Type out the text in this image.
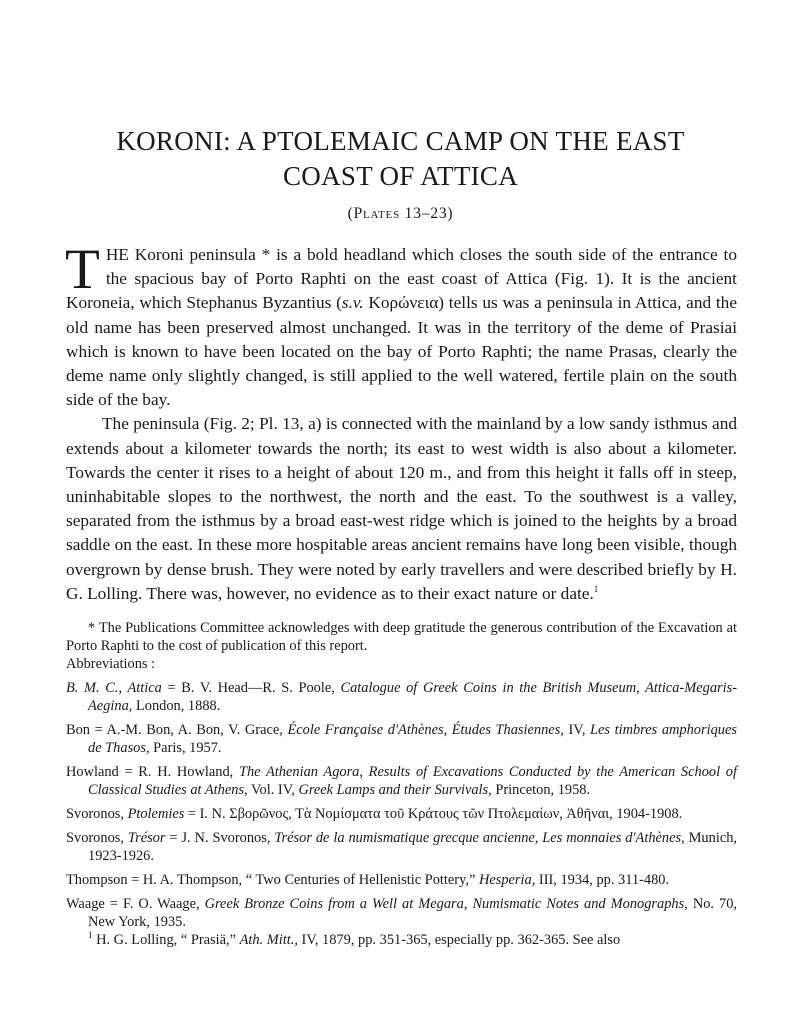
KORONI: A PTOLEMAIC CAMP ON THE EAST
COAST OF ATTICA
(Plates 13–23)

THE Koroni peninsula * is a bold headland which closes the south side of the entrance to the spacious bay of Porto Raphti on the east coast of Attica (Fig. 1). It is the ancient Koroneia, which Stephanus Byzantius (s.v. Κορώνεια) tells us was a peninsula in Attica, and the old name has been preserved almost unchanged. It was in the territory of the deme of Prasiai which is known to have been located on the bay of Porto Raphti; the name Prasas, clearly the deme name only slightly changed, is still applied to the well watered, fertile plain on the south side of the bay.

The peninsula (Fig. 2; Pl. 13, a) is connected with the mainland by a low sandy isthmus and extends about a kilometer towards the north; its east to west width is also about a kilometer. Towards the center it rises to a height of about 120 m., and from this height it falls off in steep, uninhabitable slopes to the northwest, the north and the east. To the southwest is a valley, separated from the isthmus by a broad east-west ridge which is joined to the heights by a broad saddle on the east. In these more hospitable areas ancient remains have long been visible, though overgrown by dense brush. They were noted by early travellers and were described briefly by H. G. Lolling. There was, however, no evidence as to their exact nature or date.$^1$

* The Publications Committee acknowledges with deep gratitude the generous contribution of the Excavation at Porto Raphti to the cost of publication of this report.

Abbreviations :

B. M. C., Attica = B. V. Head—R. S. Poole, Catalogue of Greek Coins in the British Museum, Attica-Megaris-Aegina, London, 1888.

Bon = A.-M. Bon, A. Bon, V. Grace, École Française d'Athènes, Études Thasiennes, IV, Les timbres amphoriques de Thasos, Paris, 1957.

Howland = R. H. Howland, The Athenian Agora, Results of Excavations Conducted by the American School of Classical Studies at Athens, Vol. IV, Greek Lamps and their Survivals, Princeton, 1958.

Svoronos, Ptolemies = Ι. Ν. Σβορῶνος, Τὰ Νομίσματα τοῦ Κράτους τῶν Πτολεμαίων, Ἀθῆναι, 1904-1908.

Svoronos, Trésor = J. N. Svoronos, Trésor de la numismatique grecque ancienne, Les monnaies d'Athènes, Munich, 1923-1926.

Thompson = H. A. Thompson, “ Two Centuries of Hellenistic Pottery,” Hesperia, III, 1934, pp. 311-480.

Waage = F. O. Waage, Greek Bronze Coins from a Well at Megara, Numismatic Notes and Monographs, No. 70, New York, 1935.

$^1$ H. G. Lolling, “ Prasiä,” Ath. Mitt., IV, 1879, pp. 351-365, especially pp. 362-365. See also
